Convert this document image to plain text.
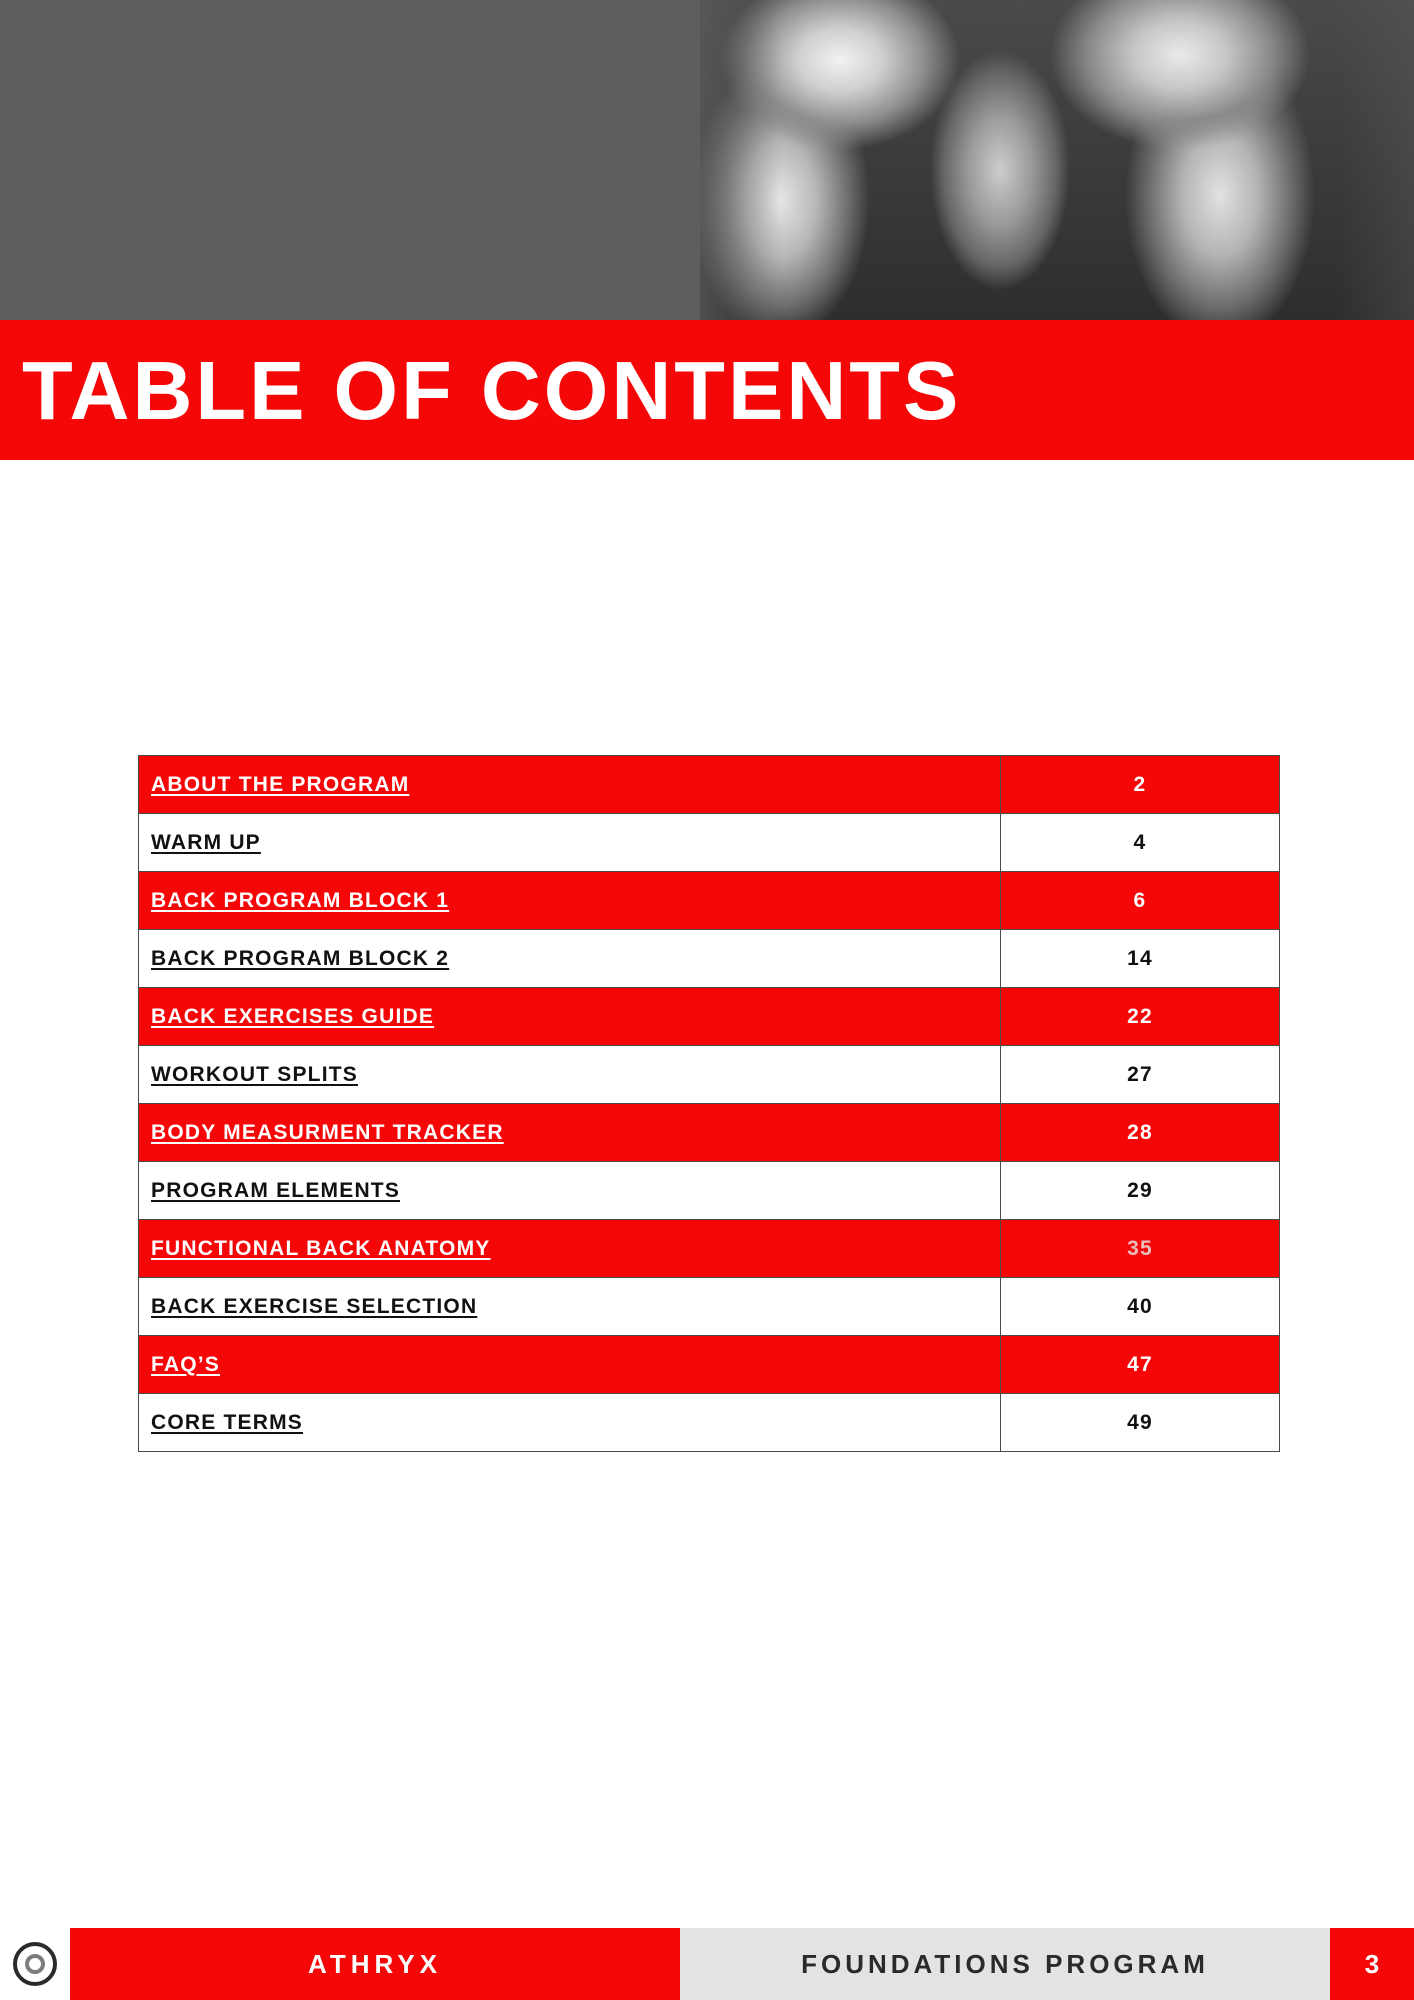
TABLE OF CONTENTS
ABOUT THE PROGRAM	2
WARM UP	4
BACK PROGRAM BLOCK 1	6
BACK PROGRAM BLOCK 2	14
BACK EXERCISES GUIDE	22
WORKOUT SPLITS	27
BODY MEASURMENT TRACKER	28
PROGRAM ELEMENTS	29
FUNCTIONAL BACK ANATOMY	35
BACK EXERCISE SELECTION	40
FAQ’S	47
CORE TERMS	49
ATHRYX	FOUNDATIONS PROGRAM	3
